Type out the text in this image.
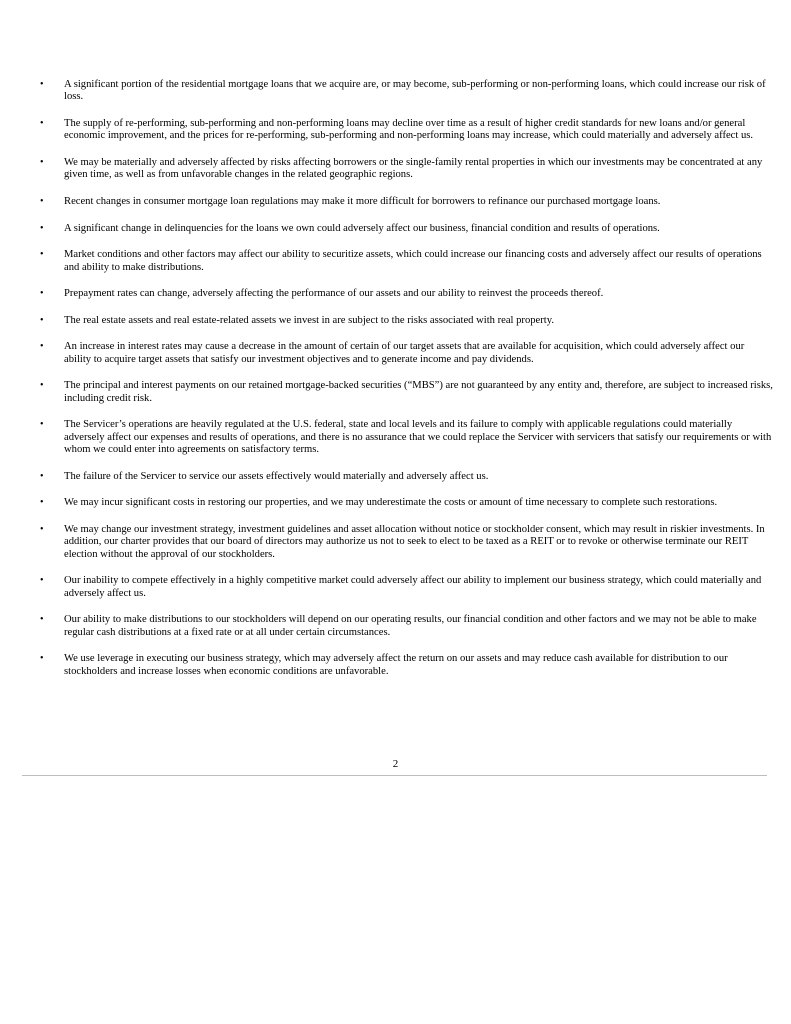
• A significant portion of the residential mortgage loans that we acquire are, or may become, sub-performing or non-performing loans, which could increase our risk of loss.
• The supply of re-performing, sub-performing and non-performing loans may decline over time as a result of higher credit standards for new loans and/or general economic improvement, and the prices for re-performing, sub-performing and non-performing loans may increase, which could materially and adversely affect us.
• We may be materially and adversely affected by risks affecting borrowers or the single-family rental properties in which our investments may be concentrated at any given time, as well as from unfavorable changes in the related geographic regions.
• Recent changes in consumer mortgage loan regulations may make it more difficult for borrowers to refinance our purchased mortgage loans.
• A significant change in delinquencies for the loans we own could adversely affect our business, financial condition and results of operations.
• Market conditions and other factors may affect our ability to securitize assets, which could increase our financing costs and adversely affect our results of operations and ability to make distributions.
• Prepayment rates can change, adversely affecting the performance of our assets and our ability to reinvest the proceeds thereof.
• The real estate assets and real estate-related assets we invest in are subject to the risks associated with real property.
• An increase in interest rates may cause a decrease in the amount of certain of our target assets that are available for acquisition, which could adversely affect our ability to acquire target assets that satisfy our investment objectives and to generate income and pay dividends.
• The principal and interest payments on our retained mortgage-backed securities (“MBS”) are not guaranteed by any entity and, therefore, are subject to increased risks, including credit risk.
• The Servicer’s operations are heavily regulated at the U.S. federal, state and local levels and its failure to comply with applicable regulations could materially adversely affect our expenses and results of operations, and there is no assurance that we could replace the Servicer with servicers that satisfy our requirements or with whom we could enter into agreements on satisfactory terms.
• The failure of the Servicer to service our assets effectively would materially and adversely affect us.
• We may incur significant costs in restoring our properties, and we may underestimate the costs or amount of time necessary to complete such restorations.
• We may change our investment strategy, investment guidelines and asset allocation without notice or stockholder consent, which may result in riskier investments. In addition, our charter provides that our board of directors may authorize us not to seek to elect to be taxed as a REIT or to revoke or otherwise terminate our REIT election without the approval of our stockholders.
• Our inability to compete effectively in a highly competitive market could adversely affect our ability to implement our business strategy, which could materially and adversely affect us.
• Our ability to make distributions to our stockholders will depend on our operating results, our financial condition and other factors and we may not be able to make regular cash distributions at a fixed rate or at all under certain circumstances.
• We use leverage in executing our business strategy, which may adversely affect the return on our assets and may reduce cash available for distribution to our stockholders and increase losses when economic conditions are unfavorable.
2
